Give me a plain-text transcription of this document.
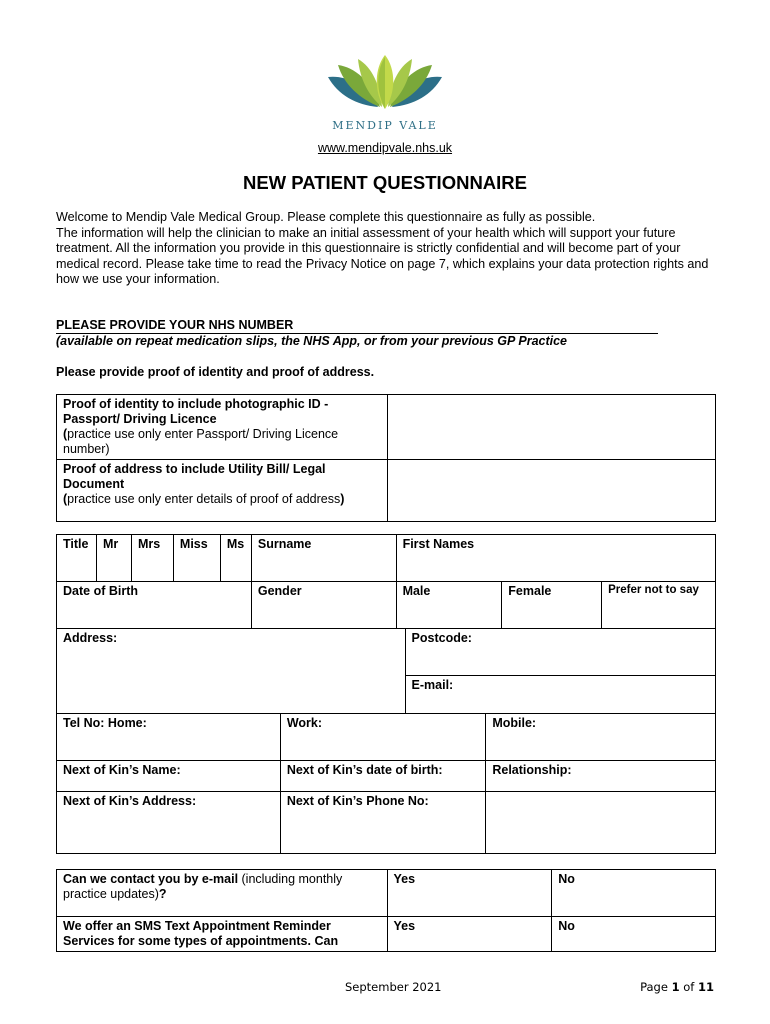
MENDIP VALE
www.mendipvale.nhs.uk
NEW PATIENT QUESTIONNAIRE

Welcome to Mendip Vale Medical Group. Please complete this questionnaire as fully as possible.

The information will help the clinician to make an initial assessment of your health which will support your future treatment. All the information you provide in this questionnaire is strictly confidential and will become part of your medical record. Please take time to read the Privacy Notice on page 7, which explains your data protection rights and how we use your information.

PLEASE PROVIDE YOUR NHS NUMBER
(available on repeat medication slips, the NHS App, or from your previous GP Practice
Please provide proof of identity and proof of address.
Proof of identity to include photographic ID - Passport/ Driving Licence
(practice use only enter Passport/ Driving Licence number)	
Proof of address to include Utility Bill/ Legal Document
(practice use only enter details of proof of address)	
Title	Mr	Mrs	Miss	Ms	Surname		First Names				
Date of Birth					Gender		Male			Female	Prefer not to say
Address:								Postcode:			
								E-mail:			
Tel No: Home:						Work:			Mobile:		
Next of Kin’s Name:						Next of Kin’s date of birth:			Relationship:		
Next of Kin’s Address:						Next of Kin’s Phone No:					
Can we contact you by e-mail (including monthly practice updates)?	Yes	No
We offer an SMS Text Appointment Reminder Services for some types of appointments. Can	Yes	No
September 2021	Page 1 of 11
